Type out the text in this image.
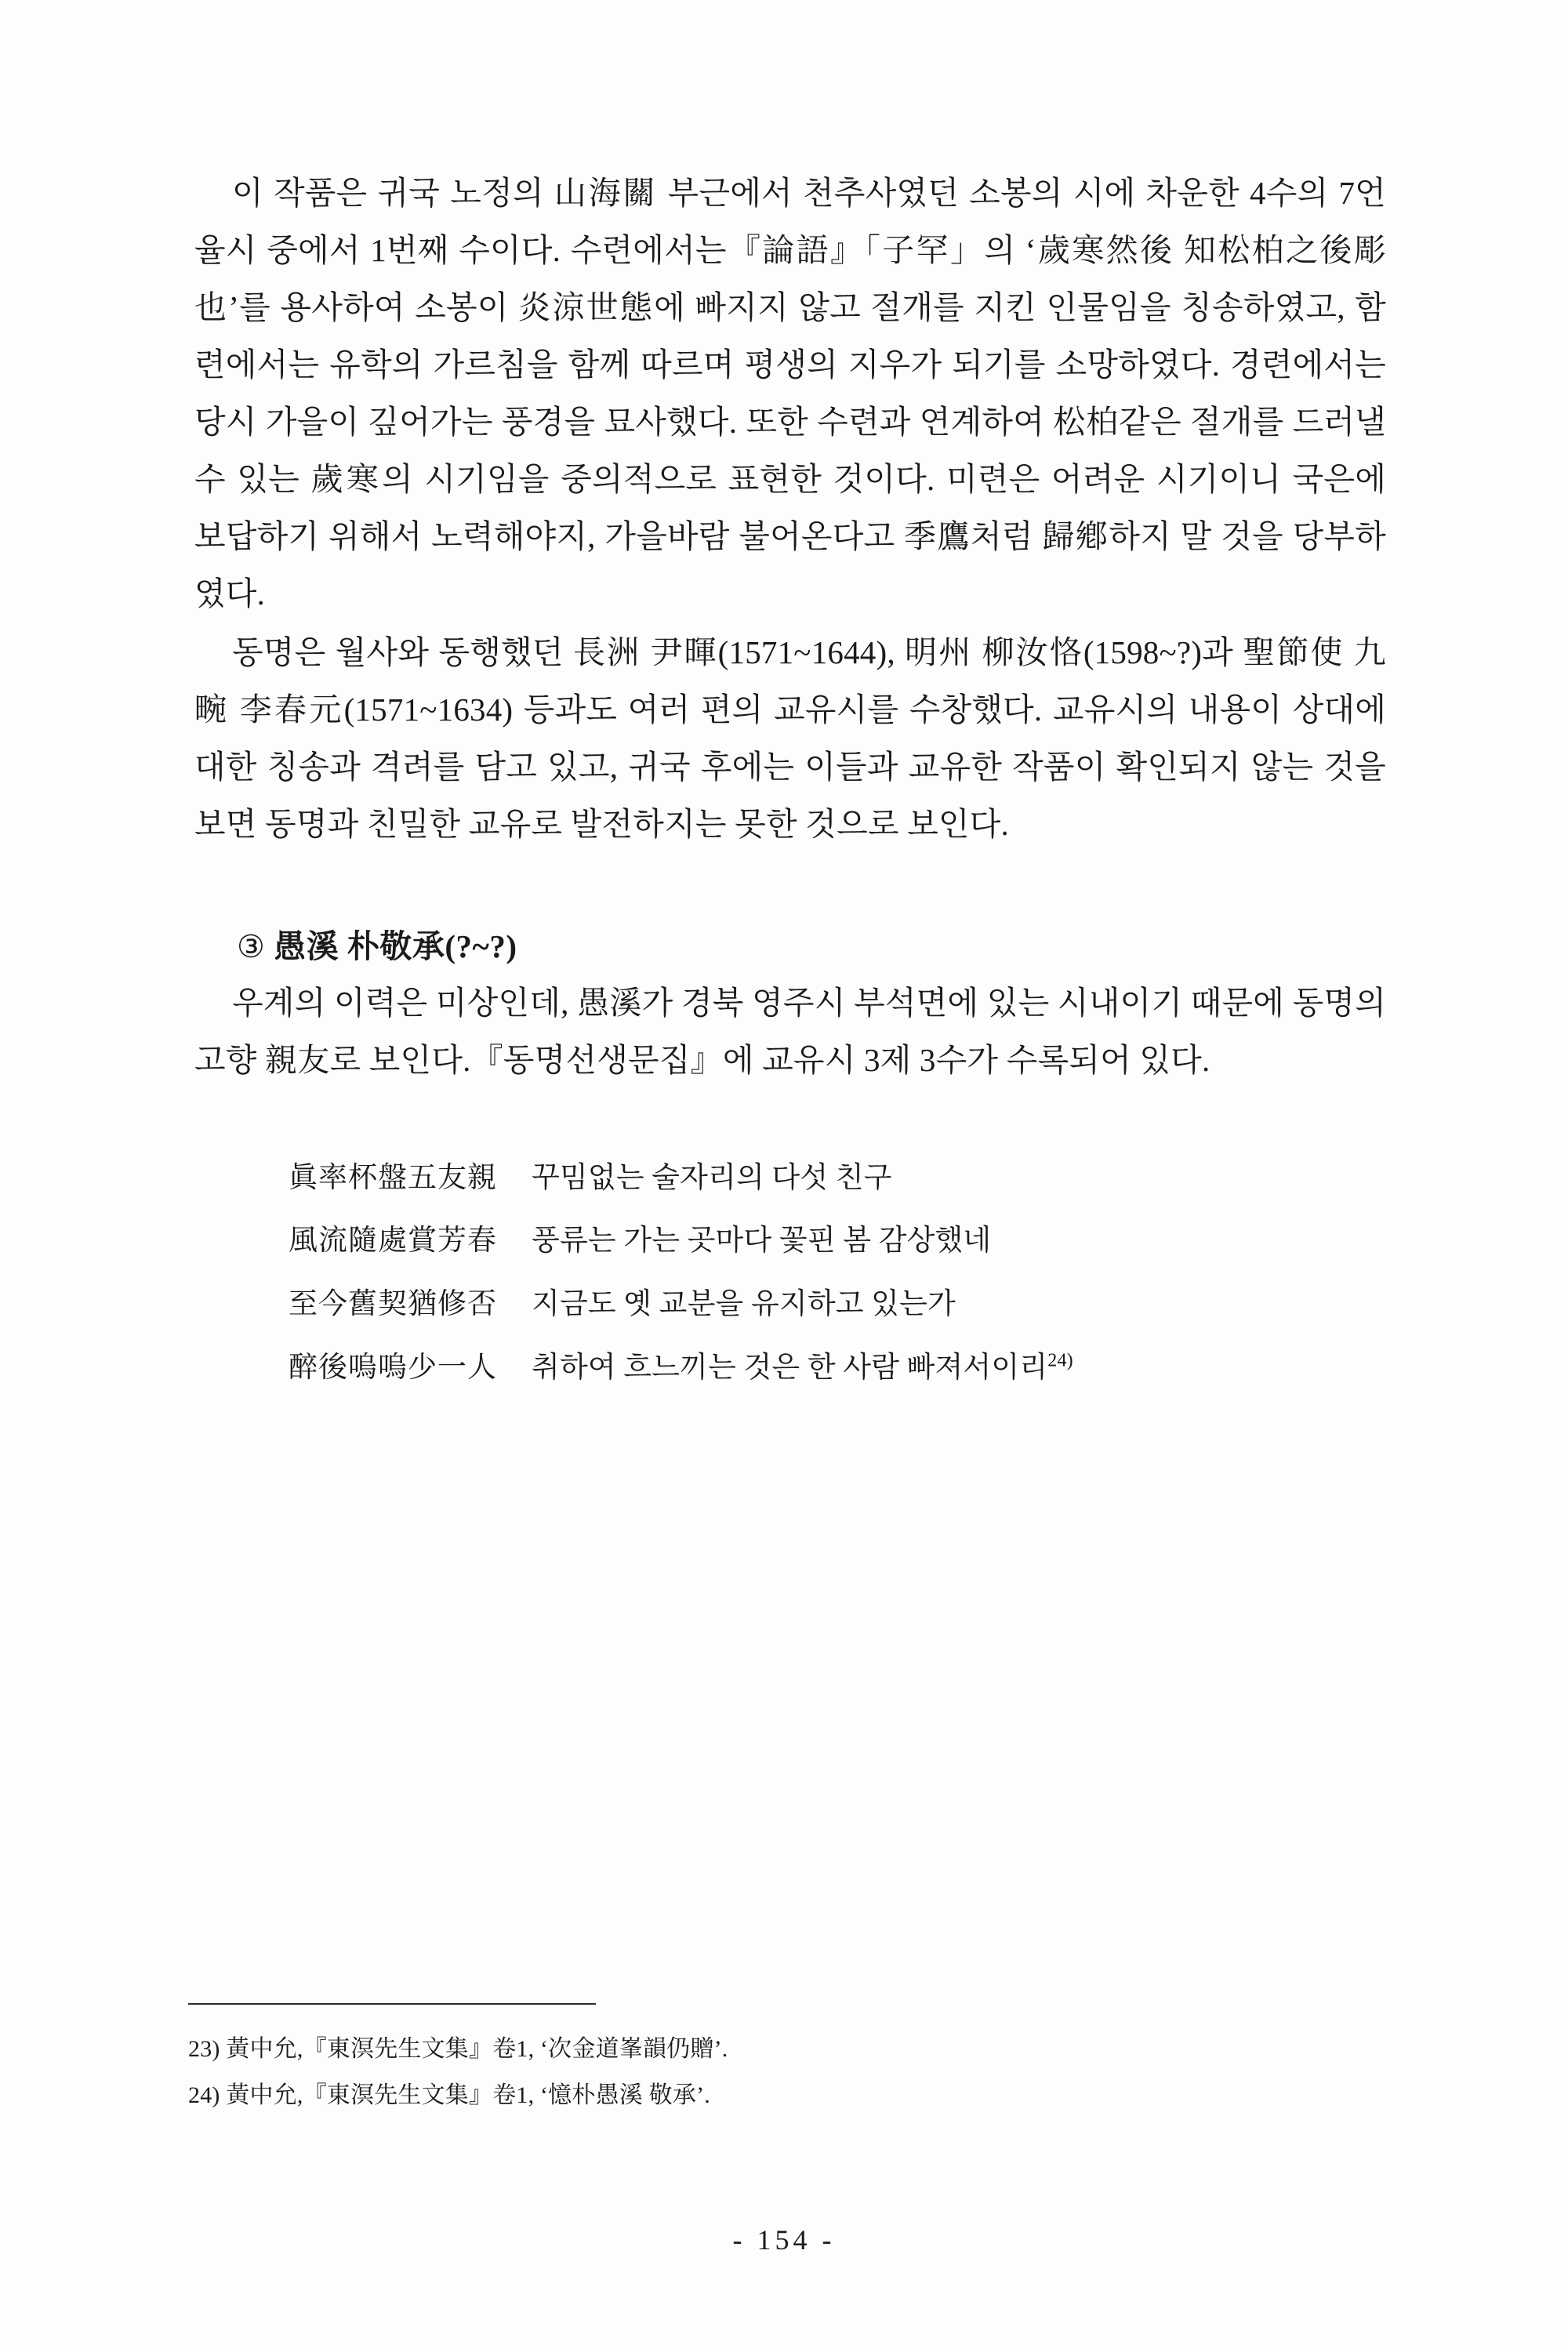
이 작품은 귀국 노정의 山海關 부근에서 천추사였던 소봉의 시에 차운한 4수의 7언 율시 중에서 1번째 수이다. 수련에서는『論語』「子罕」의 ‘歲寒然後 知松柏之後彫也’를 용사하여 소봉이 炎涼世態에 빠지지 않고 절개를 지킨 인물임을 칭송하였고, 함련에서는 유학의 가르침을 함께 따르며 평생의 지우가 되기를 소망하였다. 경련에서는 당시 가을이 깊어가는 풍경을 묘사했다. 또한 수련과 연계하여 松柏같은 절개를 드러낼 수 있는 歲寒의 시기임을 중의적으로 표현한 것이다. 미련은 어려운 시기이니 국은에 보답하기 위해서 노력해야지, 가을바람 불어온다고 季鷹처럼 歸鄕하지 말 것을 당부하였다.

동명은 월사와 동행했던 長洲 尹暉(1571~1644), 明州 柳汝恪(1598~?)과 聖節使 九畹 李春元(1571~1634) 등과도 여러 편의 교유시를 수창했다. 교유시의 내용이 상대에 대한 칭송과 격려를 담고 있고, 귀국 후에는 이들과 교유한 작품이 확인되지 않는 것을 보면 동명과 친밀한 교유로 발전하지는 못한 것으로 보인다.

③ 愚溪 朴敬承(?~?)

우계의 이력은 미상인데, 愚溪가 경북 영주시 부석면에 있는 시내이기 때문에 동명의 고향 親友로 보인다.『동명선생문집』에 교유시 3제 3수가 수록되어 있다.

眞率杯盤五友親	꾸밈없는 술자리의 다섯 친구
風流隨處賞芳春	풍류는 가는 곳마다 꽃핀 봄 감상했네
至今舊契猶修否	지금도 옛 교분을 유지하고 있는가
醉後嗚嗚少一人	취하여 흐느끼는 것은 한 사람 빠져서이리$^{24)}$
23) 黃中允,『東溟先生文集』卷1, ‘次金道峯韻仍贈’.
24) 黃中允,『東溟先生文集』卷1, ‘憶朴愚溪 敬承’.
- 154 -
